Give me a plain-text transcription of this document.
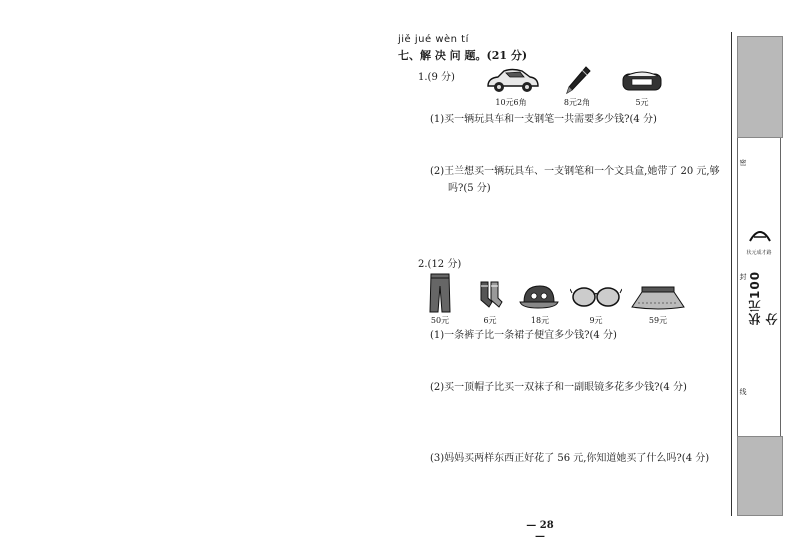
jiě jué wèn tí
七、解 决 问 题。(21 分)
1.(9 分)
10元6角	8元2角	5元
(1)买一辆玩具车和一支钢笔一共需要多少钱?(4 分)
(2)王兰想买一辆玩具车、一支钢笔和一个文具盒,她带了 20 元,够
吗?(5 分)
2.(12 分)
50元	6元	18元	9元	59元
(1)一条裤子比一条裙子便宜多少钱?(4 分)
(2)买一顶帽子比买一双袜子和一副眼镜多花多少钱?(4 分)
(3)妈妈买两样东西正好花了 56 元,你知道她买了什么吗?(4 分)
— 28 —
密
封
线
状元成才路
状元100分
